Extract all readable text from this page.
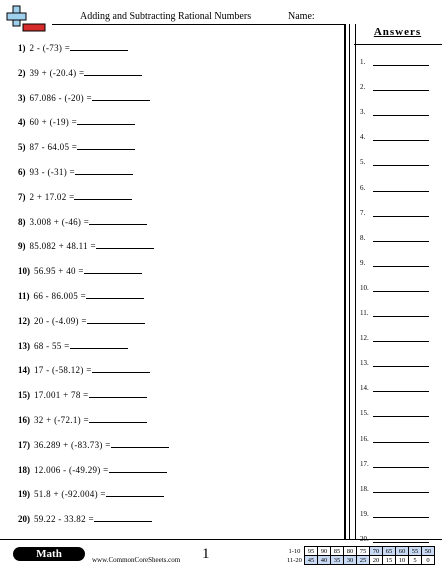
Adding and Subtracting Rational Numbers	Name:
1) 2 - (-73) =
2) 39 + (-20.4) =
3) 67.086 - (-20) =
4) 60 + (-19) =
5) 87 - 64.05 =
6) 93 - (-31) =
7) 2 + 17.02 =
8) 3.008 + (-46) =
9) 85.082 + 48.11 =
10) 56.95 + 40 =
11) 66 - 86.005 =
12) 20 - (-4.09) =
13) 68 - 55 =
14) 17 - (-58.12) =
15) 17.001 + 78 =
16) 32 + (-72.1) =
17) 36.289 + (-83.73) =
18) 12.006 - (-49.29) =
19) 51.8 + (-92.004) =
20) 59.22 - 33.82 =
Answers
1.
2.
3.
4.
5.
6.
7.
8.
9.
10.
11.
12.
13.
14.
15.
16.
17.
18.
19.
20.
Math	www.CommonCoreSheets.com 1	1-10	95	90	85	80	75	70	65	60	55	50
11-20	45	40	35	30	25	20	15	10	5	0
